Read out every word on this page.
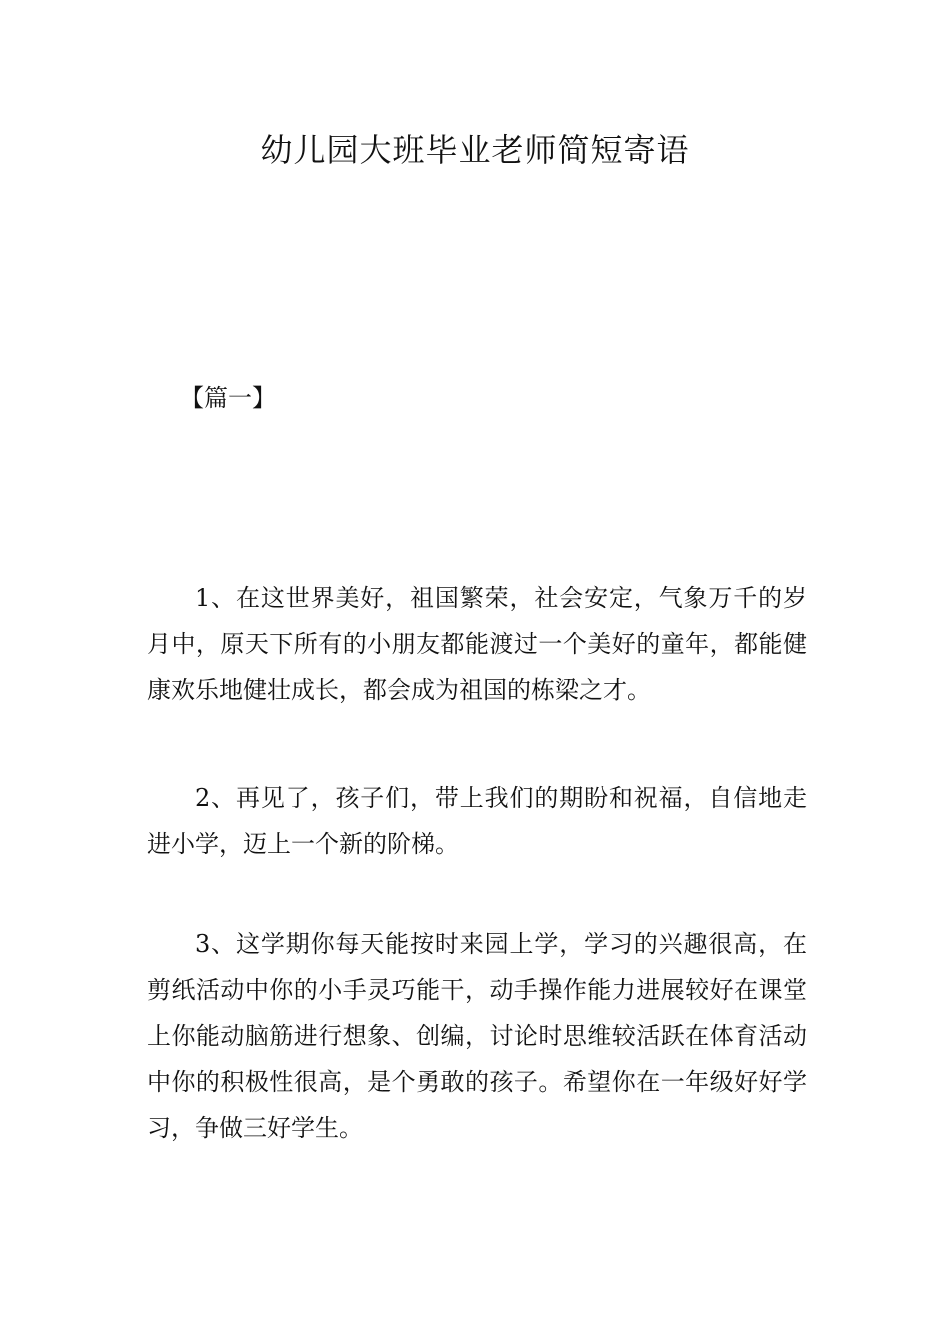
幼儿园大班毕业老师简短寄语
【篇一】

1、在这世界美好，祖国繁荣，社会安定，气象万千的岁月中，原天下所有的小朋友都能渡过一个美好的童年，都能健康欢乐地健壮成长，都会成为祖国的栋梁之才。

2、再见了，孩子们，带上我们的期盼和祝福，自信地走进小学，迈上一个新的阶梯。

3、这学期你每天能按时来园上学，学习的兴趣很高，在剪纸活动中你的小手灵巧能干，动手操作能力进展较好在课堂上你能动脑筋进行想象、创编，讨论时思维较活跃在体育活动中你的积极性很高，是个勇敢的孩子。希望你在一年级好好学习，争做三好学生。
